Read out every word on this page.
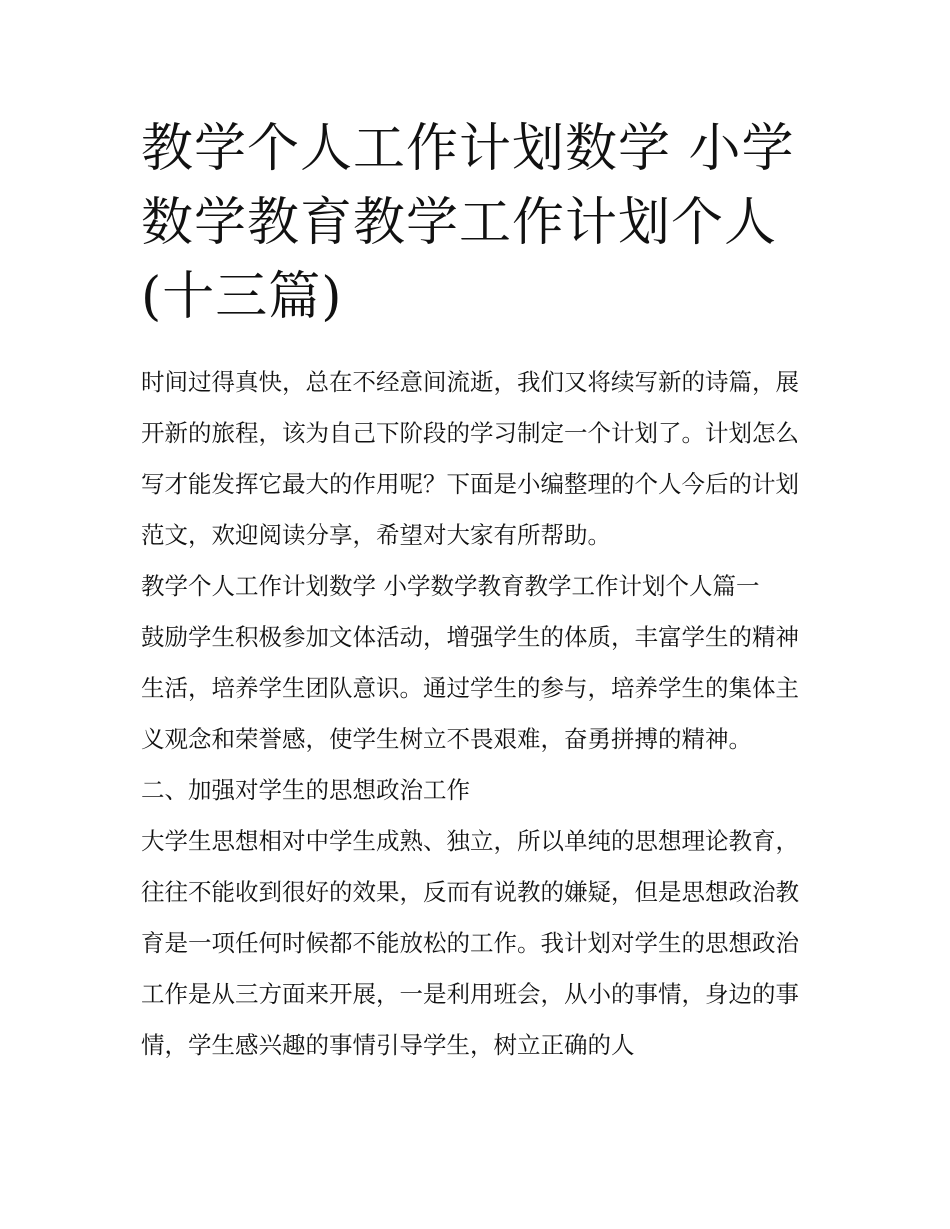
教学个人工作计划数学 小学数学教育教学工作计划个人(十三篇)

时间过得真快，总在不经意间流逝，我们又将续写新的诗篇，展开新的旅程，该为自己下阶段的学习制定一个计划了。计划怎么写才能发挥它最大的作用呢？下面是小编整理的个人今后的计划范文，欢迎阅读分享，希望对大家有所帮助。

教学个人工作计划数学 小学数学教育教学工作计划个人篇一

鼓励学生积极参加文体活动，增强学生的体质，丰富学生的精神生活，培养学生团队意识。通过学生的参与，培养学生的集体主义观念和荣誉感，使学生树立不畏艰难，奋勇拼搏的精神。

二、加强对学生的思想政治工作

大学生思想相对中学生成熟、独立，所以单纯的思想理论教育，往往不能收到很好的效果，反而有说教的嫌疑，但是思想政治教育是一项任何时候都不能放松的工作。我计划对学生的思想政治工作是从三方面来开展，一是利用班会，从小的事情，身边的事情，学生感兴趣的事情引导学生，树立正确的人
